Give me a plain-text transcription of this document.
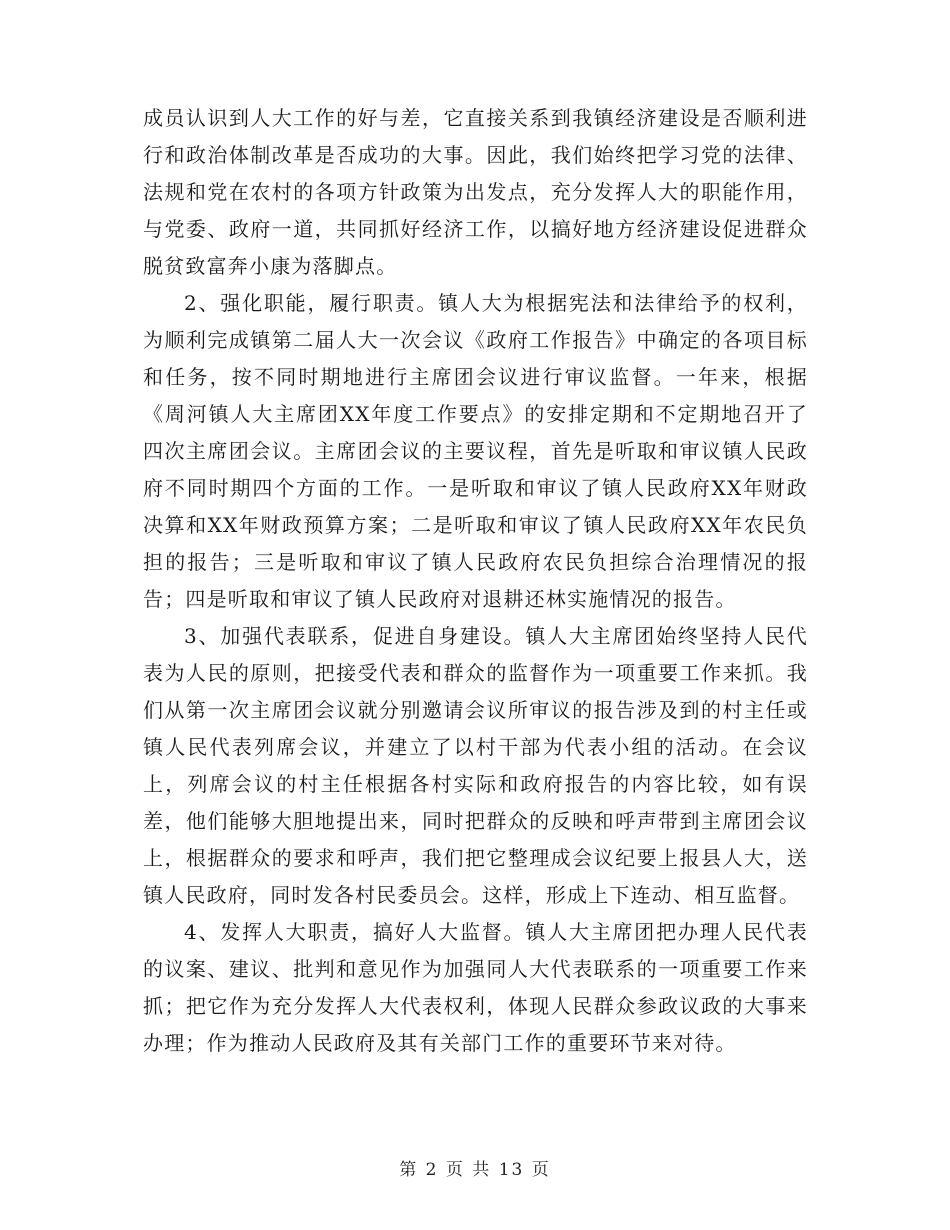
成员认识到人大工作的好与差，它直接关系到我镇经济建设是否顺利进行和政治体制改革是否成功的大事。因此，我们始终把学习党的法律、法规和党在农村的各项方针政策为出发点，充分发挥人大的职能作用，与党委、政府一道，共同抓好经济工作，以搞好地方经济建设促进群众脱贫致富奔小康为落脚点。

2、强化职能，履行职责。镇人大为根据宪法和法律给予的权利，为顺利完成镇第二届人大一次会议《政府工作报告》中确定的各项目标和任务，按不同时期地进行主席团会议进行审议监督。一年来，根据《周河镇人大主席团XX年度工作要点》的安排定期和不定期地召开了四次主席团会议。主席团会议的主要议程，首先是听取和审议镇人民政府不同时期四个方面的工作。一是听取和审议了镇人民政府XX年财政决算和XX年财政预算方案；二是听取和审议了镇人民政府XX年农民负担的报告；三是听取和审议了镇人民政府农民负担综合治理情况的报告；四是听取和审议了镇人民政府对退耕还林实施情况的报告。

3、加强代表联系，促进自身建设。镇人大主席团始终坚持人民代表为人民的原则，把接受代表和群众的监督作为一项重要工作来抓。我们从第一次主席团会议就分别邀请会议所审议的报告涉及到的村主任或镇人民代表列席会议，并建立了以村干部为代表小组的活动。在会议上，列席会议的村主任根据各村实际和政府报告的内容比较，如有误差，他们能够大胆地提出来，同时把群众的反映和呼声带到主席团会议上，根据群众的要求和呼声，我们把它整理成会议纪要上报县人大，送镇人民政府，同时发各村民委员会。这样，形成上下连动、相互监督。

4、发挥人大职责，搞好人大监督。镇人大主席团把办理人民代表的议案、建议、批判和意见作为加强同人大代表联系的一项重要工作来抓；把它作为充分发挥人大代表权利，体现人民群众参政议政的大事来办理；作为推动人民政府及其有关部门工作的重要环节来对待。

第 2 页 共 13 页
